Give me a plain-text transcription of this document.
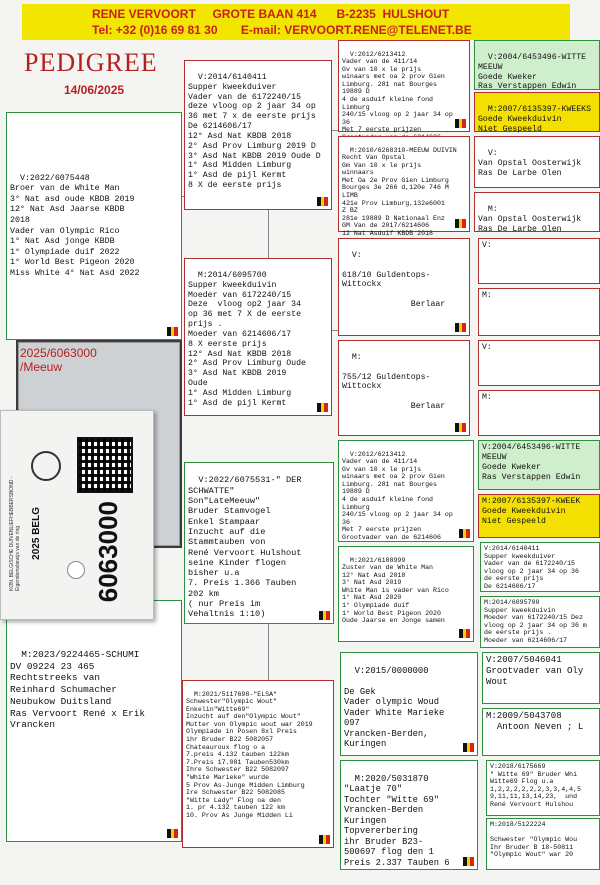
RENE VERVOORT     GROTE BAAN 414      B-2235  HULSHOUT
Tel: +32 (0)16 69 81 30       E-mail: VERVOORT.RENE@TELENET.BE
PEDIGREE
14/06/2025

V:2022/6075448
Broer van de White Man
3° Nat asd oude KBDB 2019
12° Nat Asd Jaarse KBDB
2018
Vader van Olympic Rico
1° Nat Asd jonge KBDB
1° Olympiade duif 2022
1° World Best Pigeon 2020
Miss White 4° Nat Asd 2022

2025/6063000
/Meeuw

M:2023/9224465-SCHUMI
DV 09224 23 465
Rechtstreeks van
Reinhard Schumacher
Neubukow Duitsland
Ras Vervoort René x Erik
Vrancken

KON. BELGISCHE DUIVENLIEFHEBBERSBOND - Eigendomsbewijs van de ring 2025 BELG 6063000

V:2014/6140411
Supper kweekduiver
Vader van de 6172240/15
deze vloog op 2 jaar 34 op
36 met 7 x de eerste prijs
De 6214606/17
12° Asd Nat KBDB 2018
2° Asd Prov Limburg 2019 D
3° Asd Nat KBDB 2019 Oude D
1° Asd Midden Limburg
1° Asd de pijl Kermt
8 X de eerste prijs

M:2014/6095700
Supper kweekduivin
Moeder van 6172240/15
Deze  vloog op2 jaar 34
op 36 met 7 X de eerste
prijs .
Moeder van 6214606/17
8 X eerste prijs
12° Asd Nat KBDB 2018
2° Asd Prov Limburg Oude
3° Asd Nat KBDB 2019
Oude
1° Asd Midden Limburg
1° Asd de pijl Kermt

V:2022/6075531-" DER
SCHWATTE"
Son"LateMeeuw"
Bruder Stamvogel
Enkel Stampaar
Inzucht auf die
Stammtauben von
René Vervoort Hulshout
seine Kinder flogen
bisher u.a
7. Preis 1.366 Tauben
202 km
( nur Preis im
Vehaltnis 1:10)

M:2021/5117698-"ELSA"
Schwester"Olympic Wout"
Enkelin"Witte69"
Inzucht auf den"Olympic Wout"
Mutter von Olympic wout war 2019
Olympiade in Posen 8xl Preis
ihr Bruder B22 5082057
Chateauroux flog o a
7.preis 4.132 tauben 122km
7.Preis 17.081 Tauben530km
Ihre Schwester B22 5082097
"White Marieke" wurde
5 Prov As-Junge Midden Limburg
Ire Schwester B22 5082085
"Witte Lady" Flog oa den
1. pr 4.132 tauben 122 km
10. Prov As Junge Midden Li

V:2012/6213412
Vader van de 411/14
Gv van 10 x le prijs
winaars met oa 2 prov Gien
Limburg. 281 nat Bourges
19889 D
4 de asduif kleine fond
Limburg
240/15 vloog op 2 jaar 34 op
36
Met 7 eerste prijzen

M:2010/6268310-MEEUW DUIVIN
Recht Van Opstal
Gm Van 10 x le prijs
winnaars
Met Oa 2e Prov Gien Limburg
Bourges 3e 266 d,120e 746 M
LIMB
421e Prov Limburg,132e6001
Z BZ
281e 19889 D Nationaal Enz
GM Van de 2017/6214606
12 Nat Asduif KBDB 2018

V:

618/10 Guldentops-
Wittockx

Berlaar

M:

755/12 Guldentops-
Wittockx

Berlaar

V:2012/6213412
Vader van de 411/14
Gv van 10 x le prijs
winaars met oa 2 prov Gien
Limburg. 281 nat Bourges
19889 D
4 de asduif kleine fond
Limburg
240/15 vloog op 2 jaar 34 op
36
Met 7 eerste prijzen
Grootvader van de 6214606

M:2021/6188999
Zuster van de White Man
12° Nat Asd 2018
3° Nat Asd 2019
White Man is vader van Rico
1° Nat Asd 2020
1° Olympiade duif
1° World Best Pigeon 2020
Oude Jaarse en Jonge samen

V:2015/0000000

De Gek
Vader olympic Woud
Vader White Marieke
097
Vrancken-Berden,
Kuringen

M:2020/5031870
"Laatje 70"
Tochter "Witte 69"
Vrancken-Berden
Kuringen
Topvererbering
ihr Bruder B23-
500697 flog den 1
Preis 2.337 Tauben 6

V:2004/6453496-WITTE
MEEUW
Goede Kweker
Ras Verstappen Edwin

M:2007/6135397-KWEEKS
Goede Kweekduivin
Niet Gespeeld

V:
Van Opstal Oosterwijk
Ras De Larbe Olen

M:
Van Opstal Oosterwijk
Ras De Larbe Olen

V:
M:
V:
M:
V:2004/6453496-WITTE
MEEUW
Goede Kweker
Ras Verstappen Edwin
M:2007/6135397-KWEEK
Goede Kweekduivin
Niet Gespeeld
V:2014/6140411
Supper kweekduiver
Vader van de 6172240/15
vloog op 2 jaar 34 op 36
de eerste prijs
De 6214606/17
M:2014/6095700
Supper kweekduivin
Moeder van 6172240/15 Dez
vloog op 2 jaar 34 op 36 m
de eerste prijs .
Moeder van 6214606/17
V:2007/5046041
Grootvader van Oly
Wout
M:2009/5043708
Antoon Neven ; L
V:2018/6175669
" Witte 69" Bruder Whi
Witte69 Flog u.a
1,2,2,2,2,2,2,3,3,4,4,5
9,11,11,13,14,23,  und
René Vervoort Hulshou
M:2018/5122224

Schwester "Olympic Wou
Ihr Bruder B 18-50811
"Olympic Wout" war 20
